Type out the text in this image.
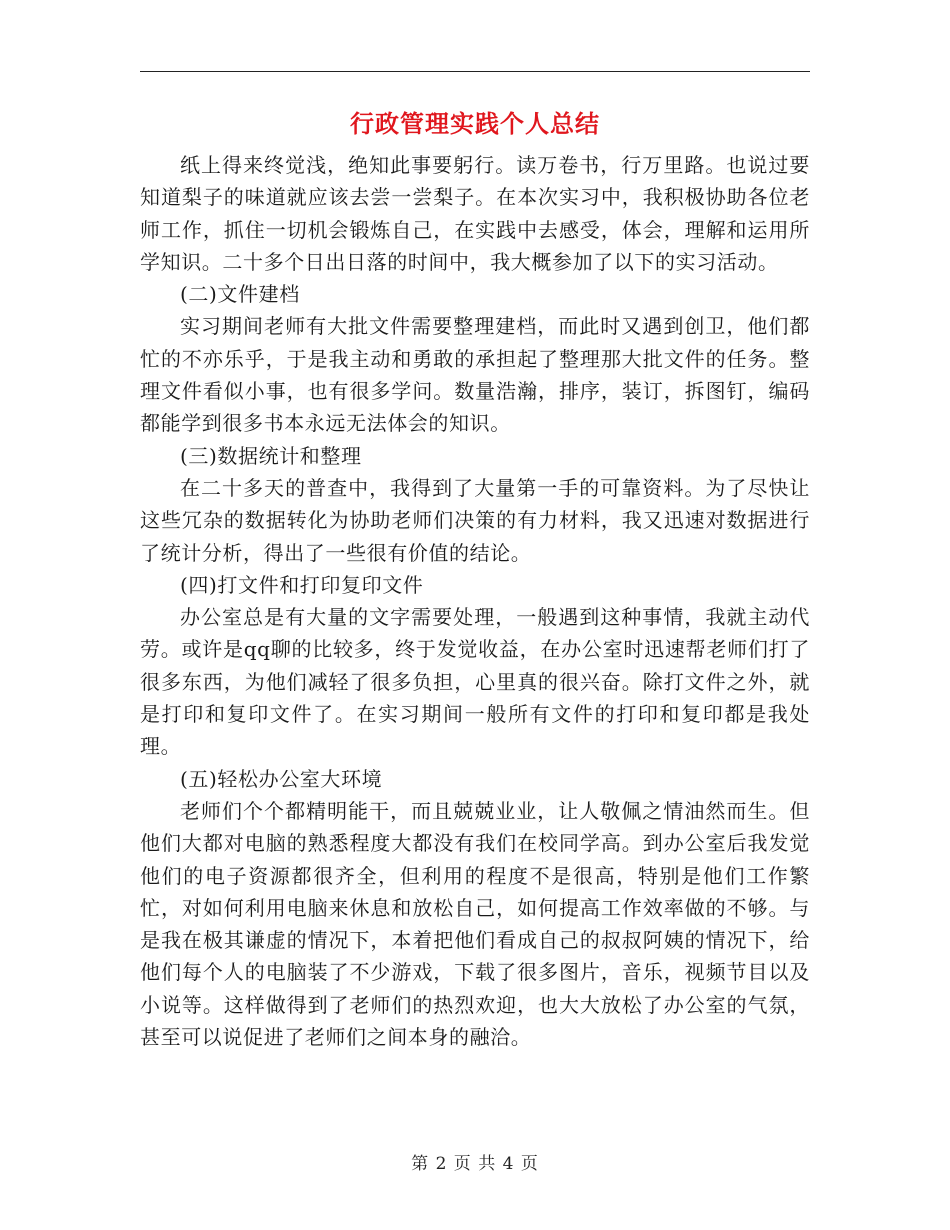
行政管理实践个人总结

纸上得来终觉浅，绝知此事要躬行。读万卷书，行万里路。也说过要知道梨子的味道就应该去尝一尝梨子。在本次实习中，我积极协助各位老师工作，抓住一切机会锻炼自己，在实践中去感受，体会，理解和运用所学知识。二十多个日出日落的时间中，我大概参加了以下的实习活动。

(二)文件建档

实习期间老师有大批文件需要整理建档，而此时又遇到创卫，他们都忙的不亦乐乎，于是我主动和勇敢的承担起了整理那大批文件的任务。整理文件看似小事，也有很多学问。数量浩瀚，排序，装订，拆图钉，编码都能学到很多书本永远无法体会的知识。

(三)数据统计和整理

在二十多天的普查中，我得到了大量第一手的可靠资料。为了尽快让这些冗杂的数据转化为协助老师们决策的有力材料，我又迅速对数据进行了统计分析，得出了一些很有价值的结论。

(四)打文件和打印复印文件

办公室总是有大量的文字需要处理，一般遇到这种事情，我就主动代劳。或许是qq聊的比较多，终于发觉收益，在办公室时迅速帮老师们打了很多东西，为他们减轻了很多负担，心里真的很兴奋。除打文件之外，就是打印和复印文件了。在实习期间一般所有文件的打印和复印都是我处理。

(五)轻松办公室大环境

老师们个个都精明能干，而且兢兢业业，让人敬佩之情油然而生。但他们大都对电脑的熟悉程度大都没有我们在校同学高。到办公室后我发觉他们的电子资源都很齐全，但利用的程度不是很高，特别是他们工作繁忙，对如何利用电脑来休息和放松自己，如何提高工作效率做的不够。与是我在极其谦虚的情况下，本着把他们看成自己的叔叔阿姨的情况下，给他们每个人的电脑装了不少游戏，下载了很多图片，音乐，视频节目以及小说等。这样做得到了老师们的热烈欢迎，也大大放松了办公室的气氛，甚至可以说促进了老师们之间本身的融洽。

第 2 页 共 4 页
